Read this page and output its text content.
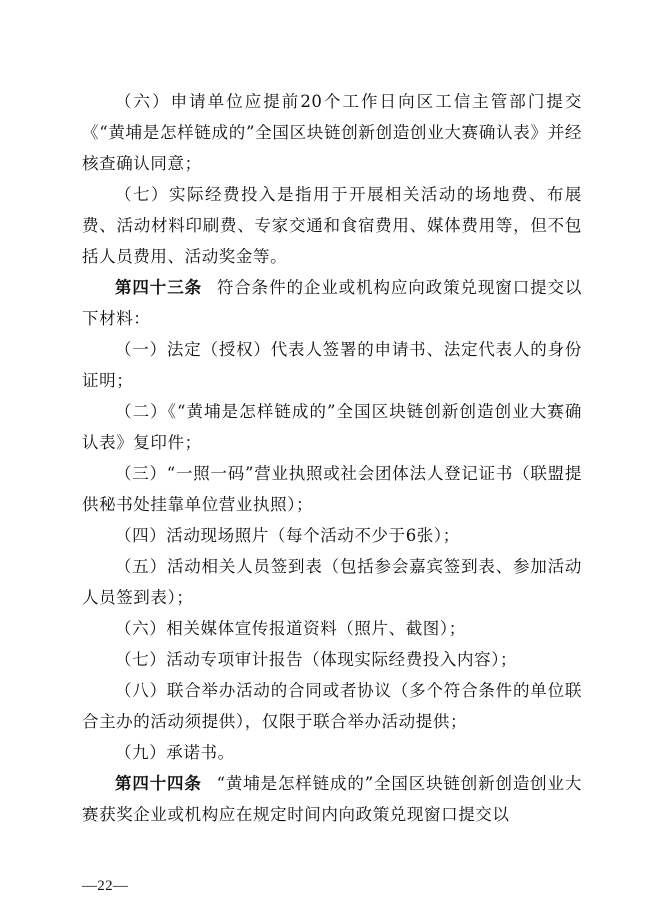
（六）申请单位应提前20个工作日向区工信主管部门提交《“黄埔是怎样链成的”全国区块链创新创造创业大赛确认表》并经核查确认同意；

（七）实际经费投入是指用于开展相关活动的场地费、布展费、活动材料印刷费、专家交通和食宿费用、媒体费用等，但不包括人员费用、活动奖金等。

第四十三条 符合条件的企业或机构应向政策兑现窗口提交以下材料：

（一）法定（授权）代表人签署的申请书、法定代表人的身份证明；

（二）《“黄埔是怎样链成的”全国区块链创新创造创业大赛确认表》复印件；

（三）“一照一码”营业执照或社会团体法人登记证书（联盟提供秘书处挂靠单位营业执照）；

（四）活动现场照片（每个活动不少于6张）；

（五）活动相关人员签到表（包括参会嘉宾签到表、参加活动人员签到表）；

（六）相关媒体宣传报道资料（照片、截图）；

（七）活动专项审计报告（体现实际经费投入内容）；

（八）联合举办活动的合同或者协议（多个符合条件的单位联合主办的活动须提供），仅限于联合举办活动提供；

（九）承诺书。

第四十四条 “黄埔是怎样链成的”全国区块链创新创造创业大赛获奖企业或机构应在规定时间内向政策兑现窗口提交以

—22—
